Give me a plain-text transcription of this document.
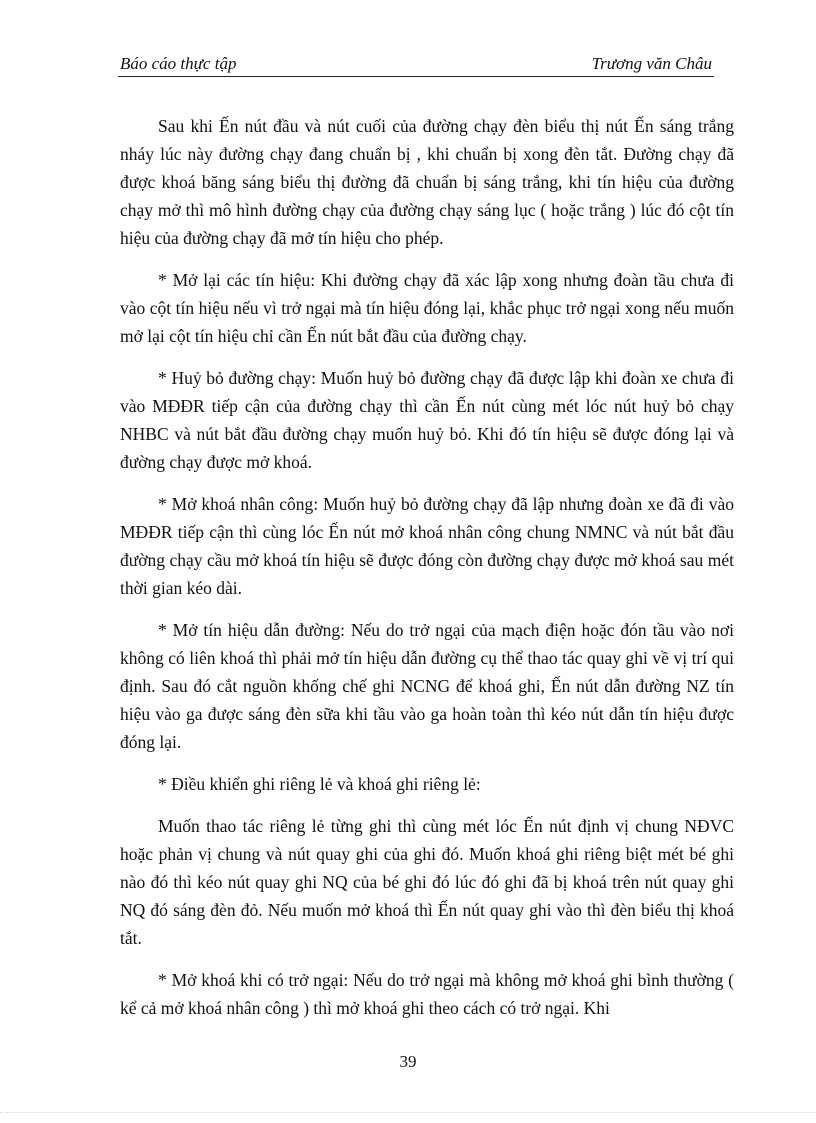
Báo cáo thực tập	Trương văn Châu

Sau khi Ến nút đầu và nút cuối của đường chạy đèn biểu thị nút Ến sáng trắng nháy lúc này đường chạy đang chuẩn bị , khi chuẩn bị xong đèn tắt. Đường chạy đã được khoá băng sáng biểu thị đường đã chuẩn bị sáng trắng, khi tín hiệu của đường chạy mở thì mô hình đường chạy của đường chạy sáng lục ( hoặc trắng ) lúc đó cột tín hiệu của đường chạy đã mở tín hiệu cho phép.

* Mở lại các tín hiệu: Khi đường chạy đã xác lập xong nhưng đoàn tầu chưa đi vào cột tín hiệu nếu vì trở ngại mà tín hiệu đóng lại, khắc phục trở ngại xong nếu muốn mở lại cột tín hiệu chỉ cần Ến nút bắt đầu của đường chạy.

* Huỷ bỏ đường chạy: Muốn huỷ bỏ đường chạy đã được lập khi đoàn xe chưa đi vào MĐĐR tiếp cận của đường chạy thì cần Ến nút cùng mét lóc nút huỷ bỏ chạy NHBC và nút bắt đầu đường chạy muốn huỷ bỏ. Khi đó tín hiệu sẽ được đóng lại và đường chạy được mở khoá.

* Mở khoá nhân công: Muốn huỷ bỏ đường chạy đã lập nhưng đoàn xe đã đi vào MĐĐR tiếp cận thì cùng lóc Ến nút mở khoá nhân công chung NMNC và nút bắt đầu đường chạy cầu mở khoá tín hiệu sẽ được đóng còn đường chạy được mở khoá sau mét thời gian kéo dài.

* Mở tín hiệu dẫn đường: Nếu do trở ngại của mạch điện hoặc đón tầu vào nơi không có liên khoá thì phải mở tín hiệu dẫn đường cụ thể thao tác quay ghi về vị trí qui định. Sau đó cắt nguồn khống chế ghi NCNG để khoá ghi, Ến nút dẫn đường NZ tín hiệu vào ga được sáng đèn sữa khi tầu vào ga hoàn toàn thì kéo nút dẫn tín hiệu được đóng lại.

* Điều khiển ghi riêng lẻ và khoá ghi riêng lẻ:

Muốn thao tác riêng lẻ từng ghi thì cùng mét lóc Ến nút định vị chung NĐVC hoặc phản vị chung và nút quay ghi của ghi đó. Muốn khoá ghi riêng biệt mét bé ghi nào đó thì kéo nút quay ghi NQ của bé ghi đó lúc đó ghi đã bị khoá trên nút quay ghi NQ đó sáng đèn đỏ. Nếu muốn mở khoá thì Ến nút quay ghi vào thì đèn biểu thị khoá tắt.

* Mở khoá khi có trở ngại: Nếu do trở ngại mà không mở khoá ghi bình thường ( kể cả mở khoá nhân công ) thì mở khoá ghi theo cách có trở ngại. Khi

39
